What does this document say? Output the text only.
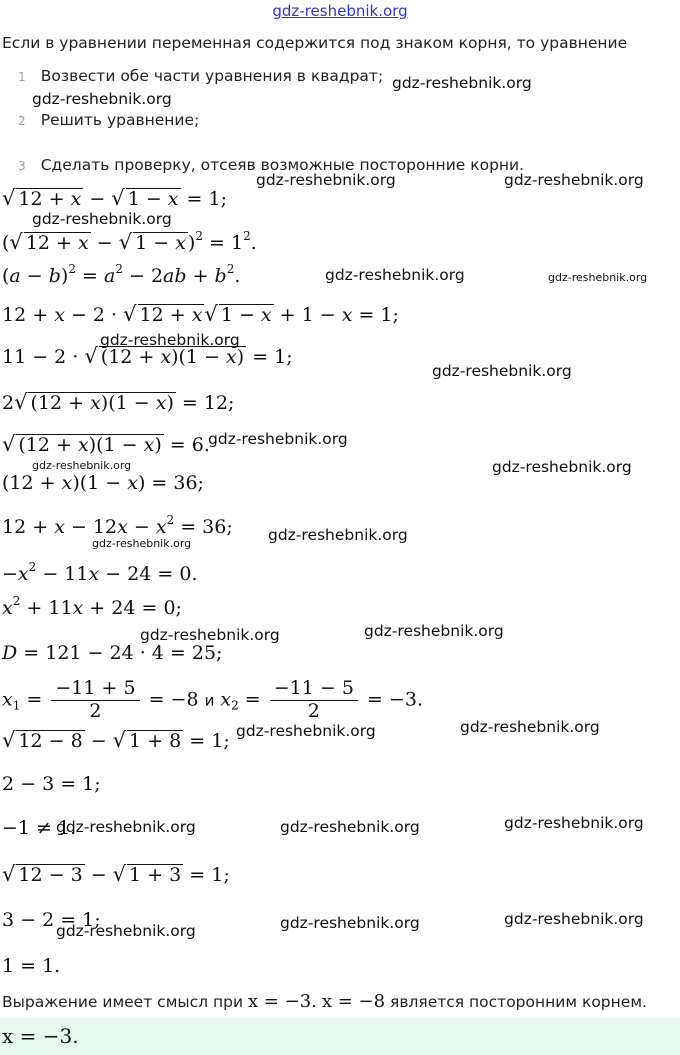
gdz-reshebnik.org
Если в уравнении переменная содержится под знаком корня, то уравнение
1 Возвести обе части уравнения в квадрат;
2 Решить уравнение;
3 Сделать проверку, отсеяв возможные посторонние корни.
√ 12 + x − √ 1 − x = 1;
(√ 12 + x − √ 1 − x )$^2 = 1^2$.
$(a - b)^2 = a^2 - 2ab + b^2$.
12 + x − 2 · √ 12 + x√ 1 − x + 1 − x = 1;
11 − 2 · √ (12 + x)(1 − x) = 1;
2√ (12 + x)(1 − x) = 12;
√ (12 + x)(1 − x) = 6.
(12 + x)(1 − x) = 36;
$12 + x - 12x - x^2 = 36$;
$-x^2 - 11x - 24 = 0$.
$x^2 + 11x + 24 = 0$;
D = 121 − 24 · 4 = 25;
$x_1 = \frac{-11 + 5}{2} = -8$ и $x_2 = \frac{-11 - 5}{2} = -3$.
√ 12 − 8 − √ 1 + 8 = 1;
2 − 3 = 1;
−1 ≠ 1.
√ 12 − 3 − √ 1 + 3 = 1;
3 − 2 = 1;
1 = 1.
Выражение имеет смысл при x = −3. x = −8 является посторонним корнем.
x = −3.
gdz-reshebnik.org
gdz-reshebnik.org
gdz-reshebnik.org	gdz-reshebnik.org
gdz-reshebnik.org
gdz-reshebnik.org	gdz-reshebnik.org
gdz-reshebnik.org
gdz-reshebnik.org
gdz-reshebnik.org
gdz-reshebnik.org	gdz-reshebnik.org
gdz-reshebnik.org	gdz-reshebnik.org
gdz-reshebnik.org	gdz-reshebnik.org
gdz-reshebnik.org	gdz-reshebnik.org
gdz-reshebnik.org	gdz-reshebnik.org	gdz-reshebnik.org
gdz-reshebnik.org	gdz-reshebnik.org
gdz-reshebnik.org
